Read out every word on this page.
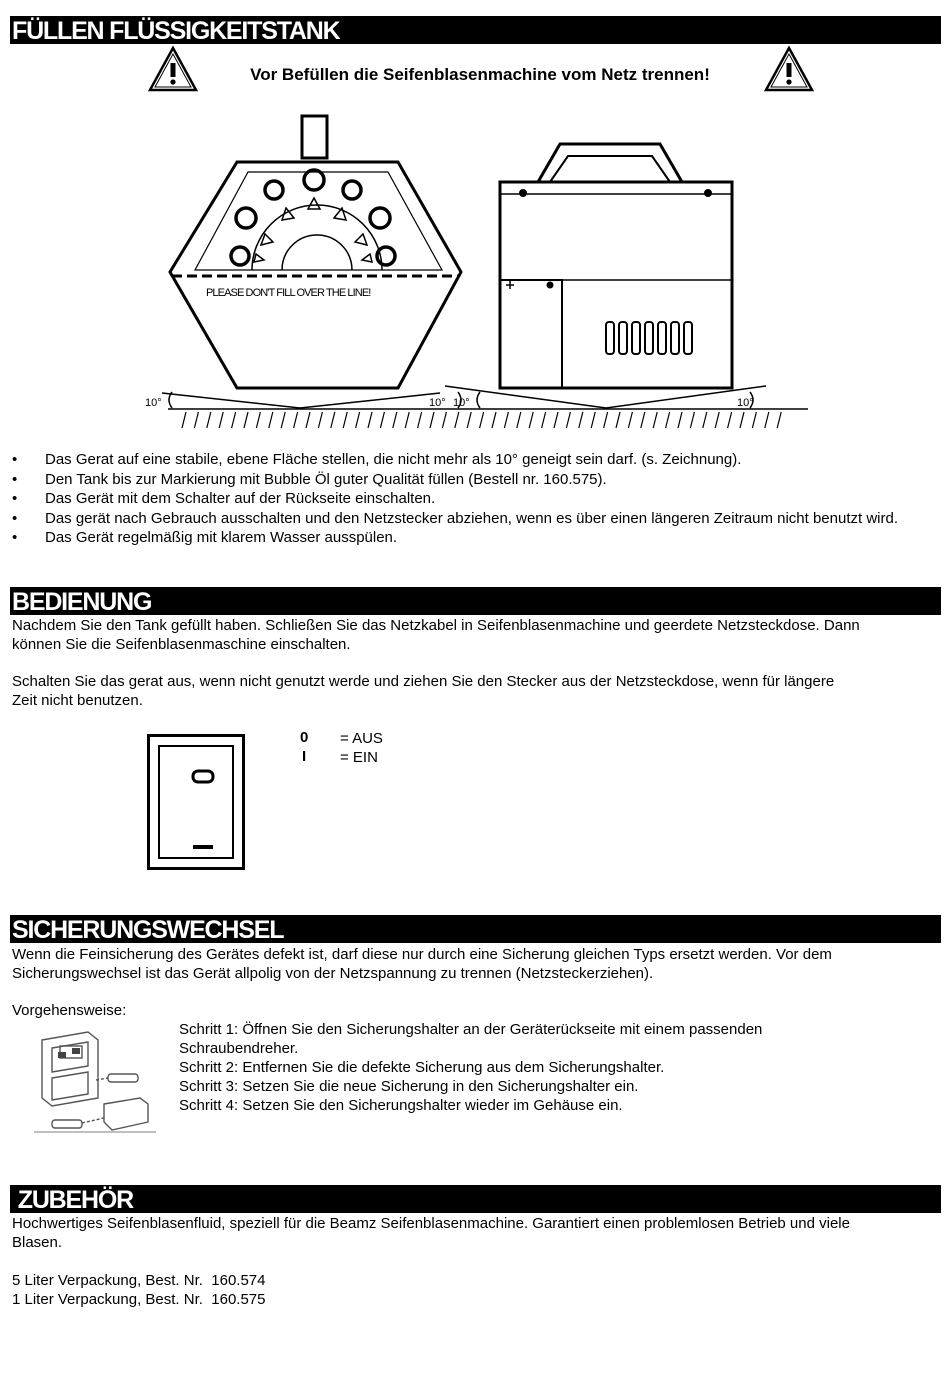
FÜLLEN FLÜSSIGKEITSTANK
Vor Befüllen die Seifenblasenmachine vom Netz trennen!
PLEASE DON'T FILL OVER THE LINE!
10°	10° 10°	10°
• Das Gerat auf eine stabile, ebene Fläche stellen, die nicht mehr als 10° geneigt sein darf. (s. Zeichnung).
• Den Tank bis zur Markierung mit Bubble Öl guter Qualität füllen (Bestell nr. 160.575).
• Das Gerät mit dem Schalter auf der Rückseite einschalten.
• Das gerät nach Gebrauch ausschalten und den Netzstecker abziehen, wenn es über einen längeren Zeitraum nicht benutzt wird.
• Das Gerät regelmäßig mit klarem Wasser ausspülen.
BEDIENUNG
Nachdem Sie den Tank gefüllt haben. Schließen Sie das Netzkabel in Seifenblasenmachine und geerdete Netzsteckdose. Dann
können Sie die Seifenblasenmaschine einschalten.
Schalten Sie das gerat aus, wenn nicht genutzt werde und ziehen Sie den Stecker aus der Netzsteckdose, wenn für längere
Zeit nicht benutzen.
0 = AUS
I = EIN
SICHERUNGSWECHSEL
Wenn die Feinsicherung des Gerätes defekt ist, darf diese nur durch eine Sicherung gleichen Typs ersetzt werden. Vor dem
Sicherungswechsel ist das Gerät allpolig von der Netzspannung zu trennen (Netzsteckerziehen).
Vorgehensweise:
Schritt 1: Öffnen Sie den Sicherungshalter an der Geräterückseite mit einem passenden
Schraubendreher.
Schritt 2: Entfernen Sie die defekte Sicherung aus dem Sicherungshalter.
Schritt 3: Setzen Sie die neue Sicherung in den Sicherungshalter ein.
Schritt 4: Setzen Sie den Sicherungshalter wieder im Gehäuse ein.
ZUBEHÖR
Hochwertiges Seifenblasenfluid, speziell für die Beamz Seifenblasenmachine. Garantiert einen problemlosen Betrieb und viele
Blasen.
5 Liter Verpackung, Best. Nr.  160.574
1 Liter Verpackung, Best. Nr.  160.575
